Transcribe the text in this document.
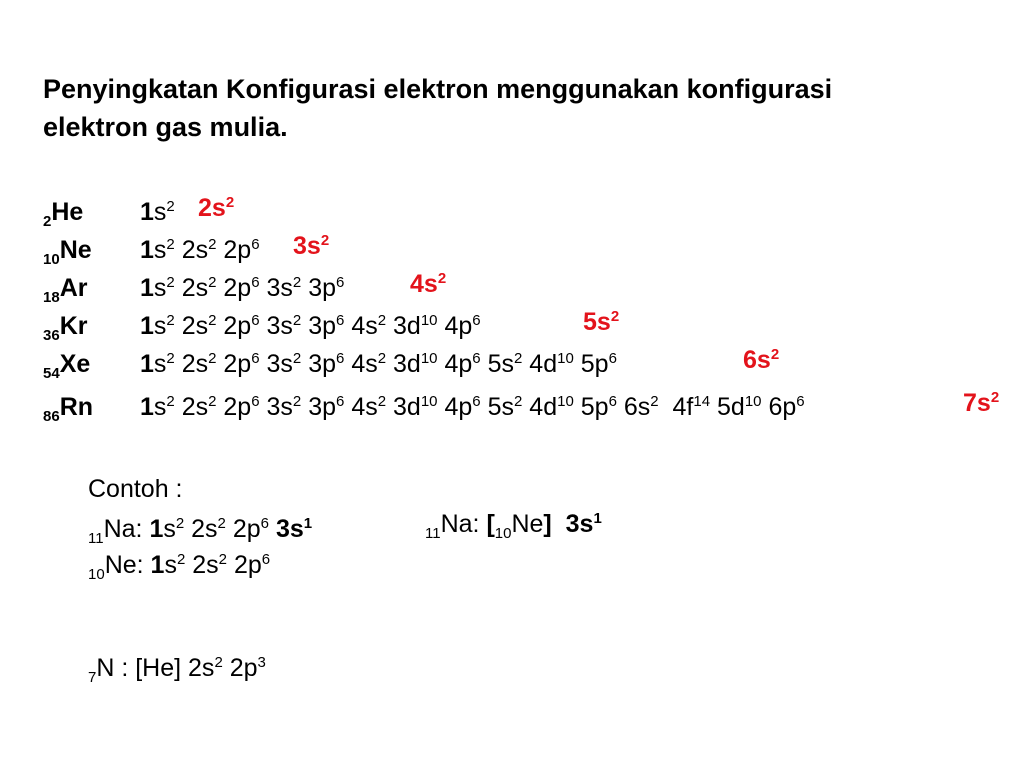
Penyingkatan Konfigurasi elektron menggunakan konfigurasi
elektron gas mulia.
$_2$He $1s^2$ $2s^2$
$_{10}$Ne $1s^2$ $2s^2$ $2p^6$ $3s^2$
$_{18}$Ar $1s^2$ $2s^2$ $2p^6$ $3s^2$ $3p^6$	$4s^2$
$_{36}$Kr $1s^2$ $2s^2$ $2p^6$ $3s^2$ $3p^6$ $4s^2$ $3d^{10}$ $4p^6$	$5s^2$
$_{54}$Xe $1s^2$ $2s^2$ $2p^6$ $3s^2$ $3p^6$ $4s^2$ $3d^{10}$ $4p^6$ $5s^2$ $4d^{10}$ $5p^6$	$6s^2$
$_{86}$Rn $1s^2$ $2s^2$ $2p^6$ $3s^2$ $3p^6$ $4s^2$ $3d^{10}$ $4p^6$ $5s^2$ $4d^{10}$ $5p^6$ $6s^2$  $4f^{14}$ $5d^{10}$ $6p^6$	$7s^2$
Contoh :
$_{11}$Na: $1s^2$ $2s^2$ $2p^6$ $3s^1$
$_{11}$Na: $[_{10}Ne]$  $3s^1$
$_{10}$Ne: $1s^2$ $2s^2$ $2p^6$
$_7$N : [He] $2s^2$ $2p^3$
